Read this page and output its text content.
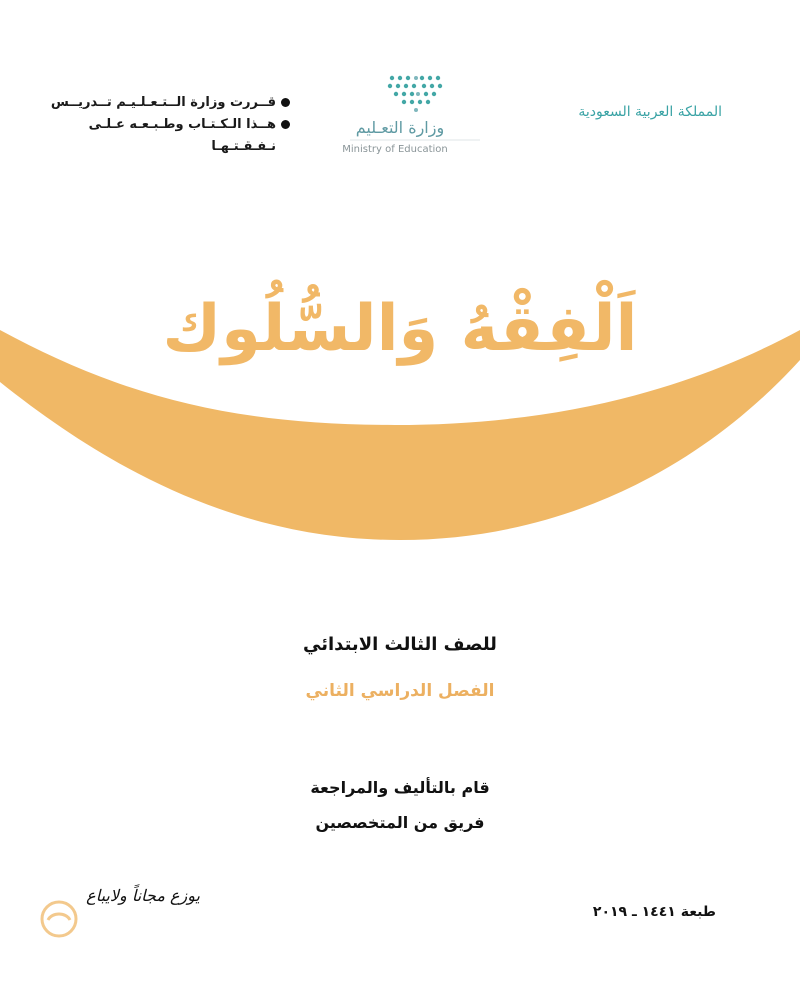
قــررت وزارة الــتـعـلـيـم تــدريــس
هــذا الـكـتـاب وطـبـعـه عـلـى نـفـقـتـهـا
وزارة التعـليم
Ministry of Education
المملكة العربية السعودية
اَلْفِقْهُ وَالسُّلُوك
للصف الثالث الابتدائي
الفصل الدراسي الثاني
قام بالتأليف والمراجعة
فريق من المتخصصين
طبعة ١٤٤١ ـ ٢٠١٩
يوزع مجاناً ولايباع
